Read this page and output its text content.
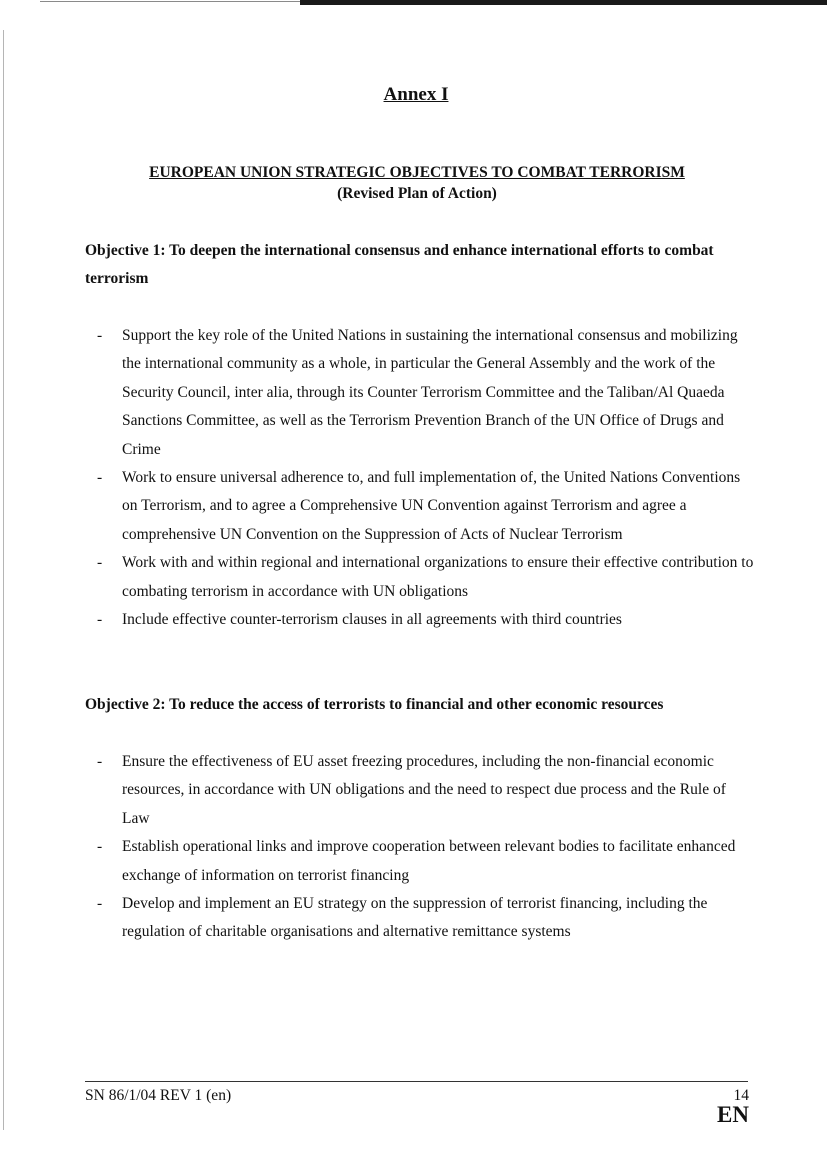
Annex I
EUROPEAN UNION STRATEGIC OBJECTIVES TO COMBAT TERRORISM
(Revised Plan of Action)
Objective 1: To deepen the international consensus and enhance international efforts to combat terrorism
- Support the key role of the United Nations in sustaining the international consensus and mobilizing the international community as a whole, in particular the General Assembly and the work of the Security Council, inter alia, through its Counter Terrorism Committee and the Taliban/Al Quaeda Sanctions Committee, as well as the Terrorism Prevention Branch of the UN Office of Drugs and Crime
- Work to ensure universal adherence to, and full implementation of, the United Nations Conventions on Terrorism, and to agree a Comprehensive UN Convention against Terrorism and agree a comprehensive UN Convention on the Suppression of Acts of Nuclear Terrorism
- Work with and within regional and international organizations to ensure their effective contribution to combating terrorism in accordance with UN obligations
- Include effective counter-terrorism clauses in all agreements with third countries
Objective 2: To reduce the access of terrorists to financial and other economic resources
- Ensure the effectiveness of EU asset freezing procedures, including the non-financial economic resources, in accordance with UN obligations and the need to respect due process and the Rule of Law
- Establish operational links and improve cooperation between relevant bodies to facilitate enhanced exchange of information on terrorist financing
- Develop and implement an EU strategy on the suppression of terrorist financing, including the regulation of charitable organisations and alternative remittance systems
SN 86/1/04 REV 1 (en)	14
EN
